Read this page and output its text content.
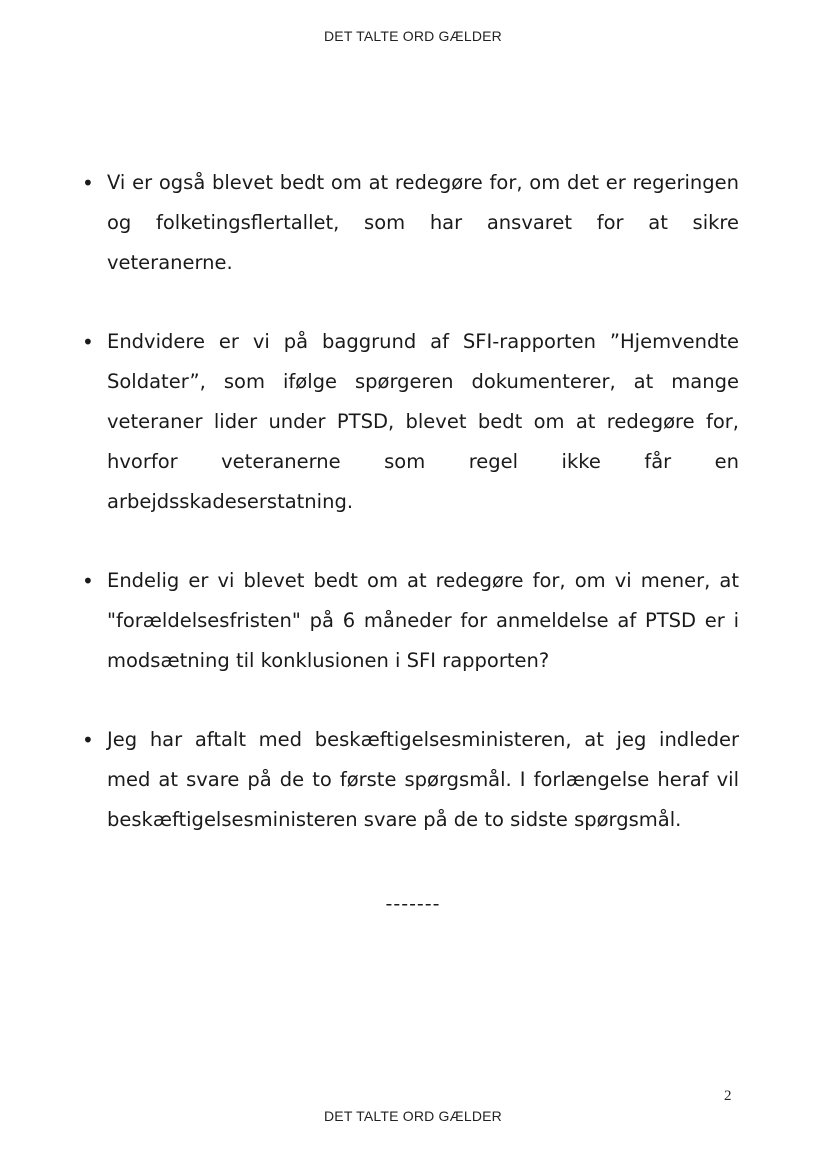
DET TALTE ORD GÆLDER
• Vi er også blevet bedt om at redegøre for, om det er regeringen og folketingsflertallet, som har ansvaret for at sikre veteranerne.
• Endvidere er vi på baggrund af SFI-rapporten ”Hjemvendte Soldater”, som ifølge spørgeren dokumenterer, at mange veteraner lider under PTSD, blevet bedt om at redegøre for, hvorfor veteranerne som regel ikke får en arbejdsskadeserstatning.
• Endelig er vi blevet bedt om at redegøre for, om vi mener, at "forældelsesfristen" på 6 måneder for anmeldelse af PTSD er i modsætning til konklusionen i SFI rapporten?
• Jeg har aftalt med beskæftigelsesministeren, at jeg indleder med at svare på de to første spørgsmål. I forlængelse heraf vil beskæftigelsesministeren svare på de to sidste spørgsmål.
-------
2
DET TALTE ORD GÆLDER
